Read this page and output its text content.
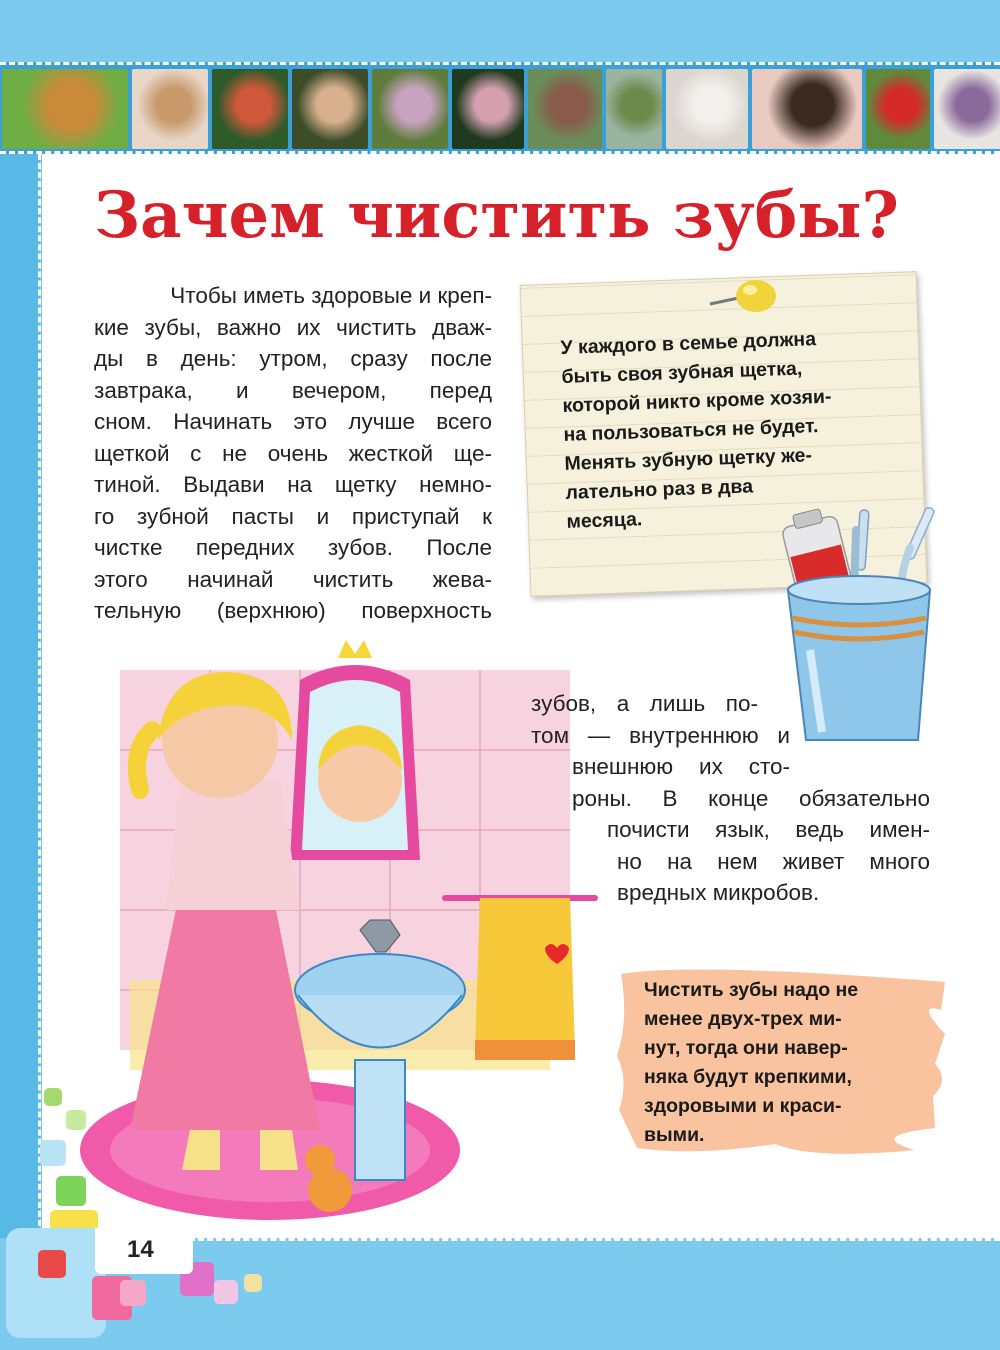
Зачем чистить зубы?

Чтобы иметь здоровые и креп-
кие зубы, важно их чистить дваж-
ды в день: утром, сразу после
завтрака, и вечером, перед
сном. Начинать это лучше всего
щеткой с не очень жесткой ще-
тиной. Выдави на щетку немно-
го зубной пасты и приступай к
чистке передних зубов. После
этого начинай чистить жева-
тельную (верхнюю) поверхность

У каждого в семье должна
быть своя зубная щетка,
которой никто кроме хозяи-
на пользоваться не будет.
Менять зубную щетку же-
лательно раз в два
месяца.

зубов, а лишь по-
том — внутреннюю и
внешнюю их сто-
роны. В конце обязательно
почисти язык, ведь имен-
но на нем живет много
вредных микробов.

Чистить зубы надо не
менее двух-трех ми-
нут, тогда они навер-
няка будут крепкими,
здоровыми и краси-
выми.

14
